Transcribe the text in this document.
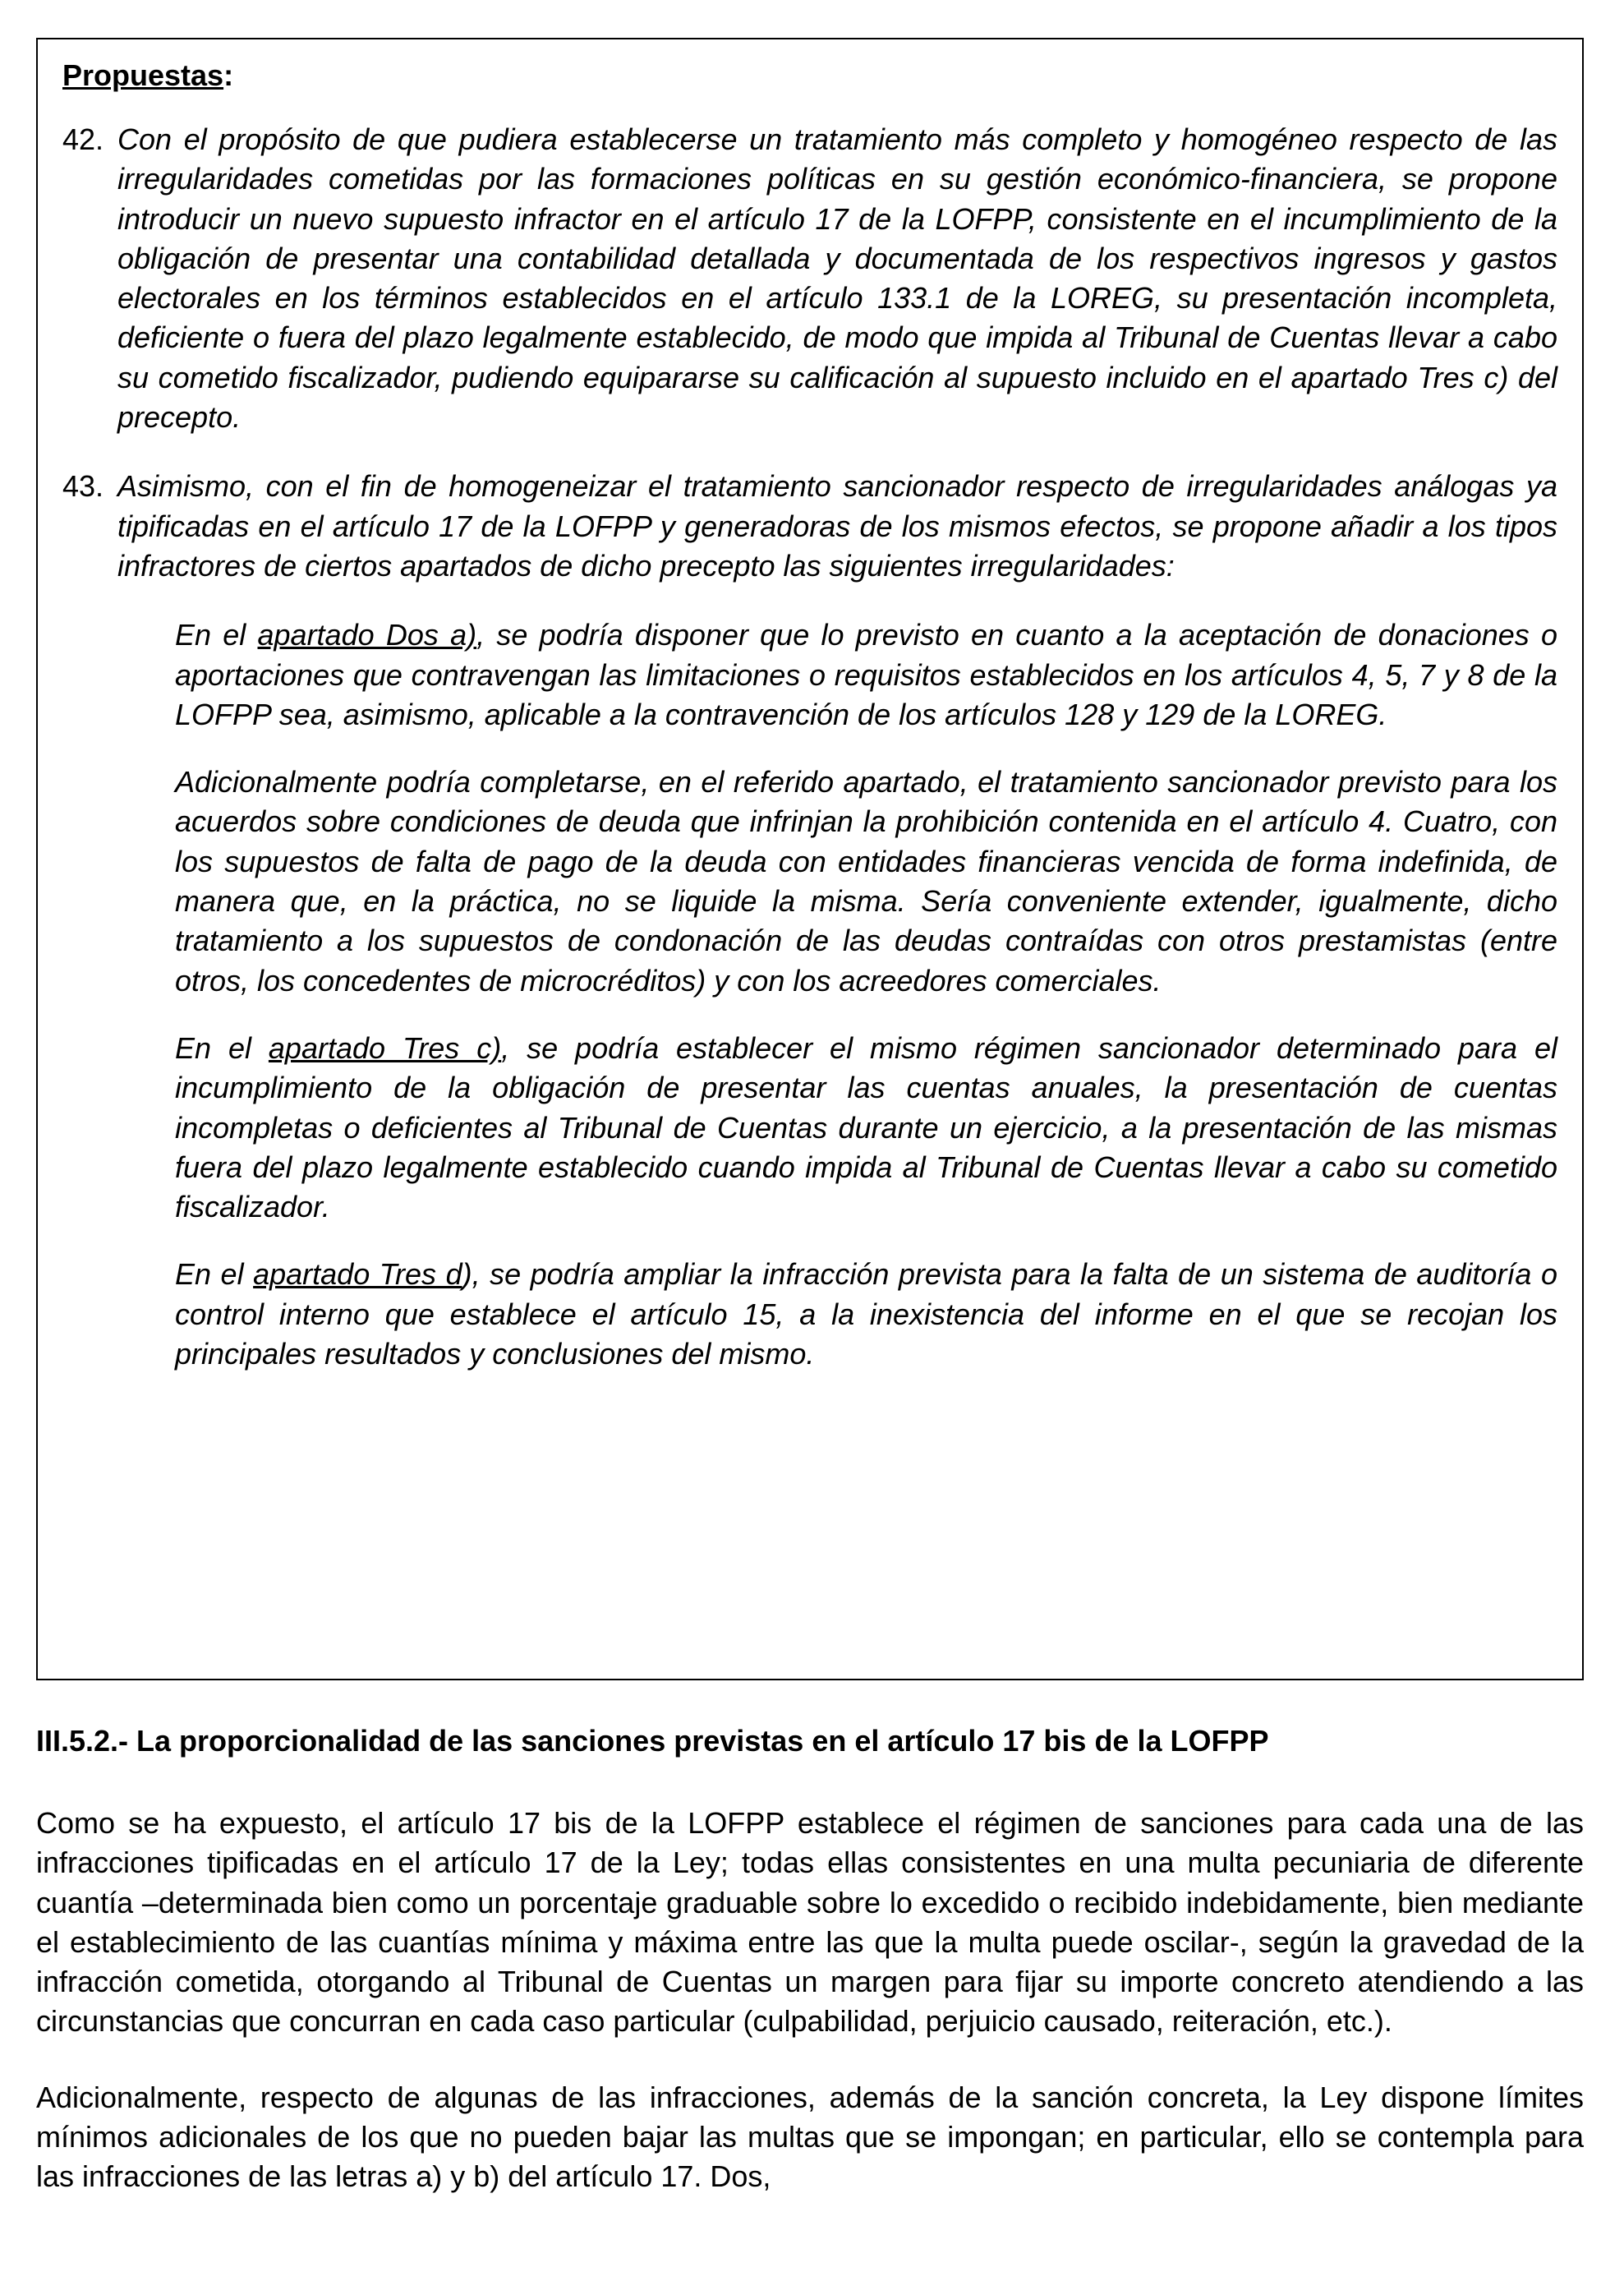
Propuestas:
42. Con el propósito de que pudiera establecerse un tratamiento más completo y homogéneo respecto de las irregularidades cometidas por las formaciones políticas en su gestión económico-financiera, se propone introducir un nuevo supuesto infractor en el artículo 17 de la LOFPP, consistente en el incumplimiento de la obligación de presentar una contabilidad detallada y documentada de los respectivos ingresos y gastos electorales en los términos establecidos en el artículo 133.1 de la LOREG, su presentación incompleta, deficiente o fuera del plazo legalmente establecido, de modo que impida al Tribunal de Cuentas llevar a cabo su cometido fiscalizador, pudiendo equipararse su calificación al supuesto incluido en el apartado Tres c) del precepto.
43. Asimismo, con el fin de homogeneizar el tratamiento sancionador respecto de irregularidades análogas ya tipificadas en el artículo 17 de la LOFPP y generadoras de los mismos efectos, se propone añadir a los tipos infractores de ciertos apartados de dicho precepto las siguientes irregularidades:
En el apartado Dos a), se podría disponer que lo previsto en cuanto a la aceptación de donaciones o aportaciones que contravengan las limitaciones o requisitos establecidos en los artículos 4, 5, 7 y 8 de la LOFPP sea, asimismo, aplicable a la contravención de los artículos 128 y 129 de la LOREG.
Adicionalmente podría completarse, en el referido apartado, el tratamiento sancionador previsto para los acuerdos sobre condiciones de deuda que infrinjan la prohibición contenida en el artículo 4. Cuatro, con los supuestos de falta de pago de la deuda con entidades financieras vencida de forma indefinida, de manera que, en la práctica, no se liquide la misma. Sería conveniente extender, igualmente, dicho tratamiento a los supuestos de condonación de las deudas contraídas con otros prestamistas (entre otros, los concedentes de microcréditos) y con los acreedores comerciales.
En el apartado Tres c), se podría establecer el mismo régimen sancionador determinado para el incumplimiento de la obligación de presentar las cuentas anuales, la presentación de cuentas incompletas o deficientes al Tribunal de Cuentas durante un ejercicio, a la presentación de las mismas fuera del plazo legalmente establecido cuando impida al Tribunal de Cuentas llevar a cabo su cometido fiscalizador.
En el apartado Tres d), se podría ampliar la infracción prevista para la falta de un sistema de auditoría o control interno que establece el artículo 15, a la inexistencia del informe en el que se recojan los principales resultados y conclusiones del mismo.
III.5.2.- La proporcionalidad de las sanciones previstas en el artículo 17 bis de la LOFPP
Como se ha expuesto, el artículo 17 bis de la LOFPP establece el régimen de sanciones para cada una de las infracciones tipificadas en el artículo 17 de la Ley; todas ellas consistentes en una multa pecuniaria de diferente cuantía –determinada bien como un porcentaje graduable sobre lo excedido o recibido indebidamente, bien mediante el establecimiento de las cuantías mínima y máxima entre las que la multa puede oscilar-, según la gravedad de la infracción cometida, otorgando al Tribunal de Cuentas un margen para fijar su importe concreto atendiendo a las circunstancias que concurran en cada caso particular (culpabilidad, perjuicio causado, reiteración, etc.).
Adicionalmente, respecto de algunas de las infracciones, además de la sanción concreta, la Ley dispone límites mínimos adicionales de los que no pueden bajar las multas que se impongan; en particular, ello se contempla para las infracciones de las letras a) y b) del artículo 17. Dos,
